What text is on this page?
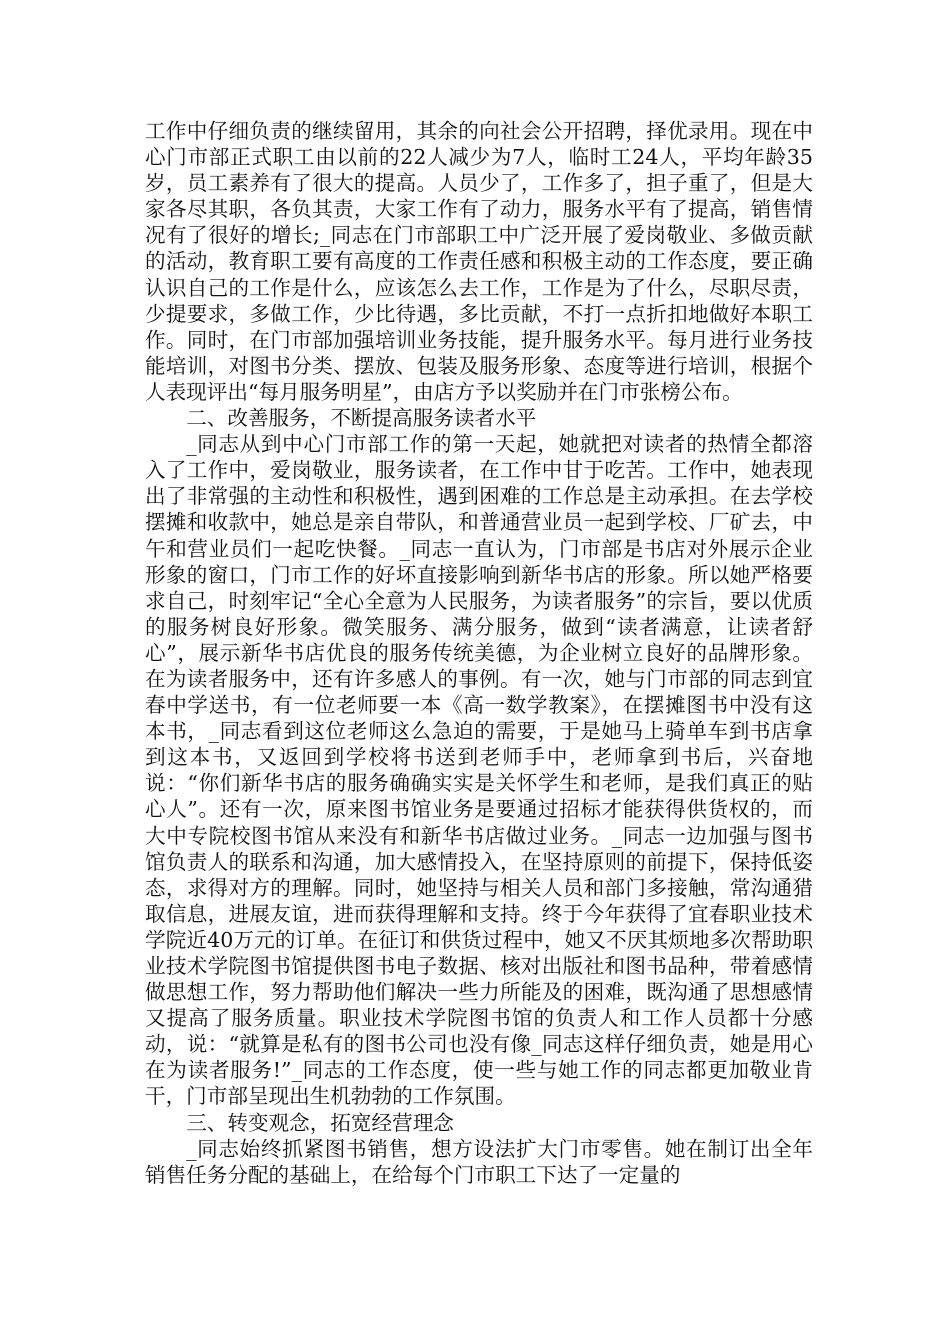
工作中仔细负责的继续留用，其余的向社会公开招聘，择优录用。现在中心门市部正式职工由以前的22人减少为7人，临时工24人，平均年龄35岁，员工素养有了很大的提高。人员少了，工作多了，担子重了，但是大家各尽其职，各负其责，大家工作有了动力，服务水平有了提高，销售情况有了很好的增长;_同志在门市部职工中广泛开展了爱岗敬业、多做贡献的活动，教育职工要有高度的工作责任感和积极主动的工作态度，要正确认识自己的工作是什么，应该怎么去工作，工作是为了什么，尽职尽责，少提要求，多做工作，少比待遇，多比贡献，不打一点折扣地做好本职工作。同时，在门市部加强培训业务技能，提升服务水平。每月进行业务技能培训，对图书分类、摆放、包装及服务形象、态度等进行培训，根据个人表现评出“每月服务明星”，由店方予以奖励并在门市张榜公布。

二、改善服务，不断提高服务读者水平

_同志从到中心门市部工作的第一天起，她就把对读者的热情全都溶入了工作中，爱岗敬业，服务读者，在工作中甘于吃苦。工作中，她表现出了非常强的主动性和积极性，遇到困难的工作总是主动承担。在去学校摆摊和收款中，她总是亲自带队，和普通营业员一起到学校、厂矿去，中午和营业员们一起吃快餐。_同志一直认为，门市部是书店对外展示企业形象的窗口，门市工作的好坏直接影响到新华书店的形象。所以她严格要求自己，时刻牢记“全心全意为人民服务，为读者服务”的宗旨，要以优质的服务树良好形象。微笑服务、满分服务，做到“读者满意，让读者舒心”，展示新华书店优良的服务传统美德，为企业树立良好的品牌形象。在为读者服务中，还有许多感人的事例。有一次，她与门市部的同志到宜春中学送书，有一位老师要一本《高一数学教案》，在摆摊图书中没有这本书，_同志看到这位老师这么急迫的需要，于是她马上骑单车到书店拿到这本书，又返回到学校将书送到老师手中，老师拿到书后，兴奋地说：“你们新华书店的服务确确实实是关怀学生和老师，是我们真正的贴心人”。还有一次，原来图书馆业务是要通过招标才能获得供货权的，而大中专院校图书馆从来没有和新华书店做过业务。_同志一边加强与图书馆负责人的联系和沟通，加大感情投入，在坚持原则的前提下，保持低姿态，求得对方的理解。同时，她坚持与相关人员和部门多接触，常沟通猎取信息，进展友谊，进而获得理解和支持。终于今年获得了宜春职业技术学院近40万元的订单。在征订和供货过程中，她又不厌其烦地多次帮助职业技术学院图书馆提供图书电子数据、核对出版社和图书品种，带着感情做思想工作，努力帮助他们解决一些力所能及的困难，既沟通了思想感情又提高了服务质量。职业技术学院图书馆的负责人和工作人员都十分感动，说：“就算是私有的图书公司也没有像_同志这样仔细负责，她是用心在为读者服务!”_同志的工作态度，使一些与她工作的同志都更加敬业肯干，门市部呈现出生机勃勃的工作氛围。

三、转变观念，拓宽经营理念

_同志始终抓紧图书销售，想方设法扩大门市零售。她在制订出全年销售任务分配的基础上，在给每个门市职工下达了一定量的
